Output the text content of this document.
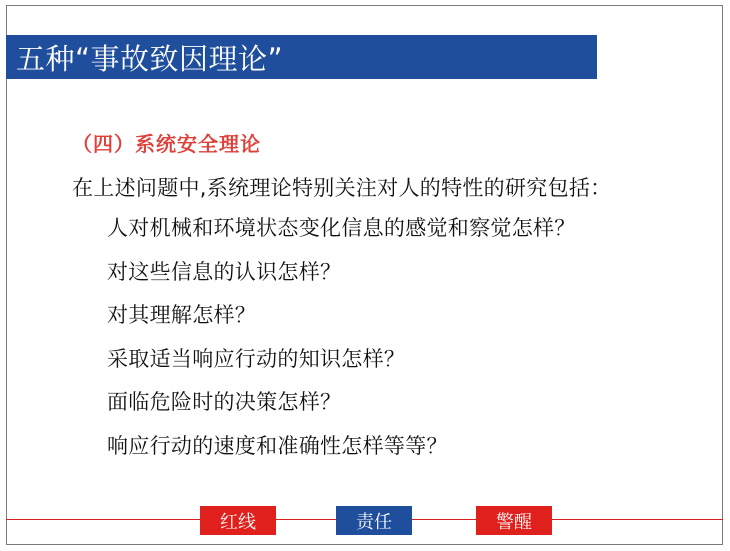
五种“事故致因理论”
（四）系统安全理论
在上述问题中,系统理论特别关注对人的特性的研究包括：
人对机械和环境状态变化信息的感觉和察觉怎样？
对这些信息的认识怎样？
对其理解怎样？
采取适当响应行动的知识怎样？
面临危险时的决策怎样？
响应行动的速度和准确性怎样等等？
红线	责任	警醒
